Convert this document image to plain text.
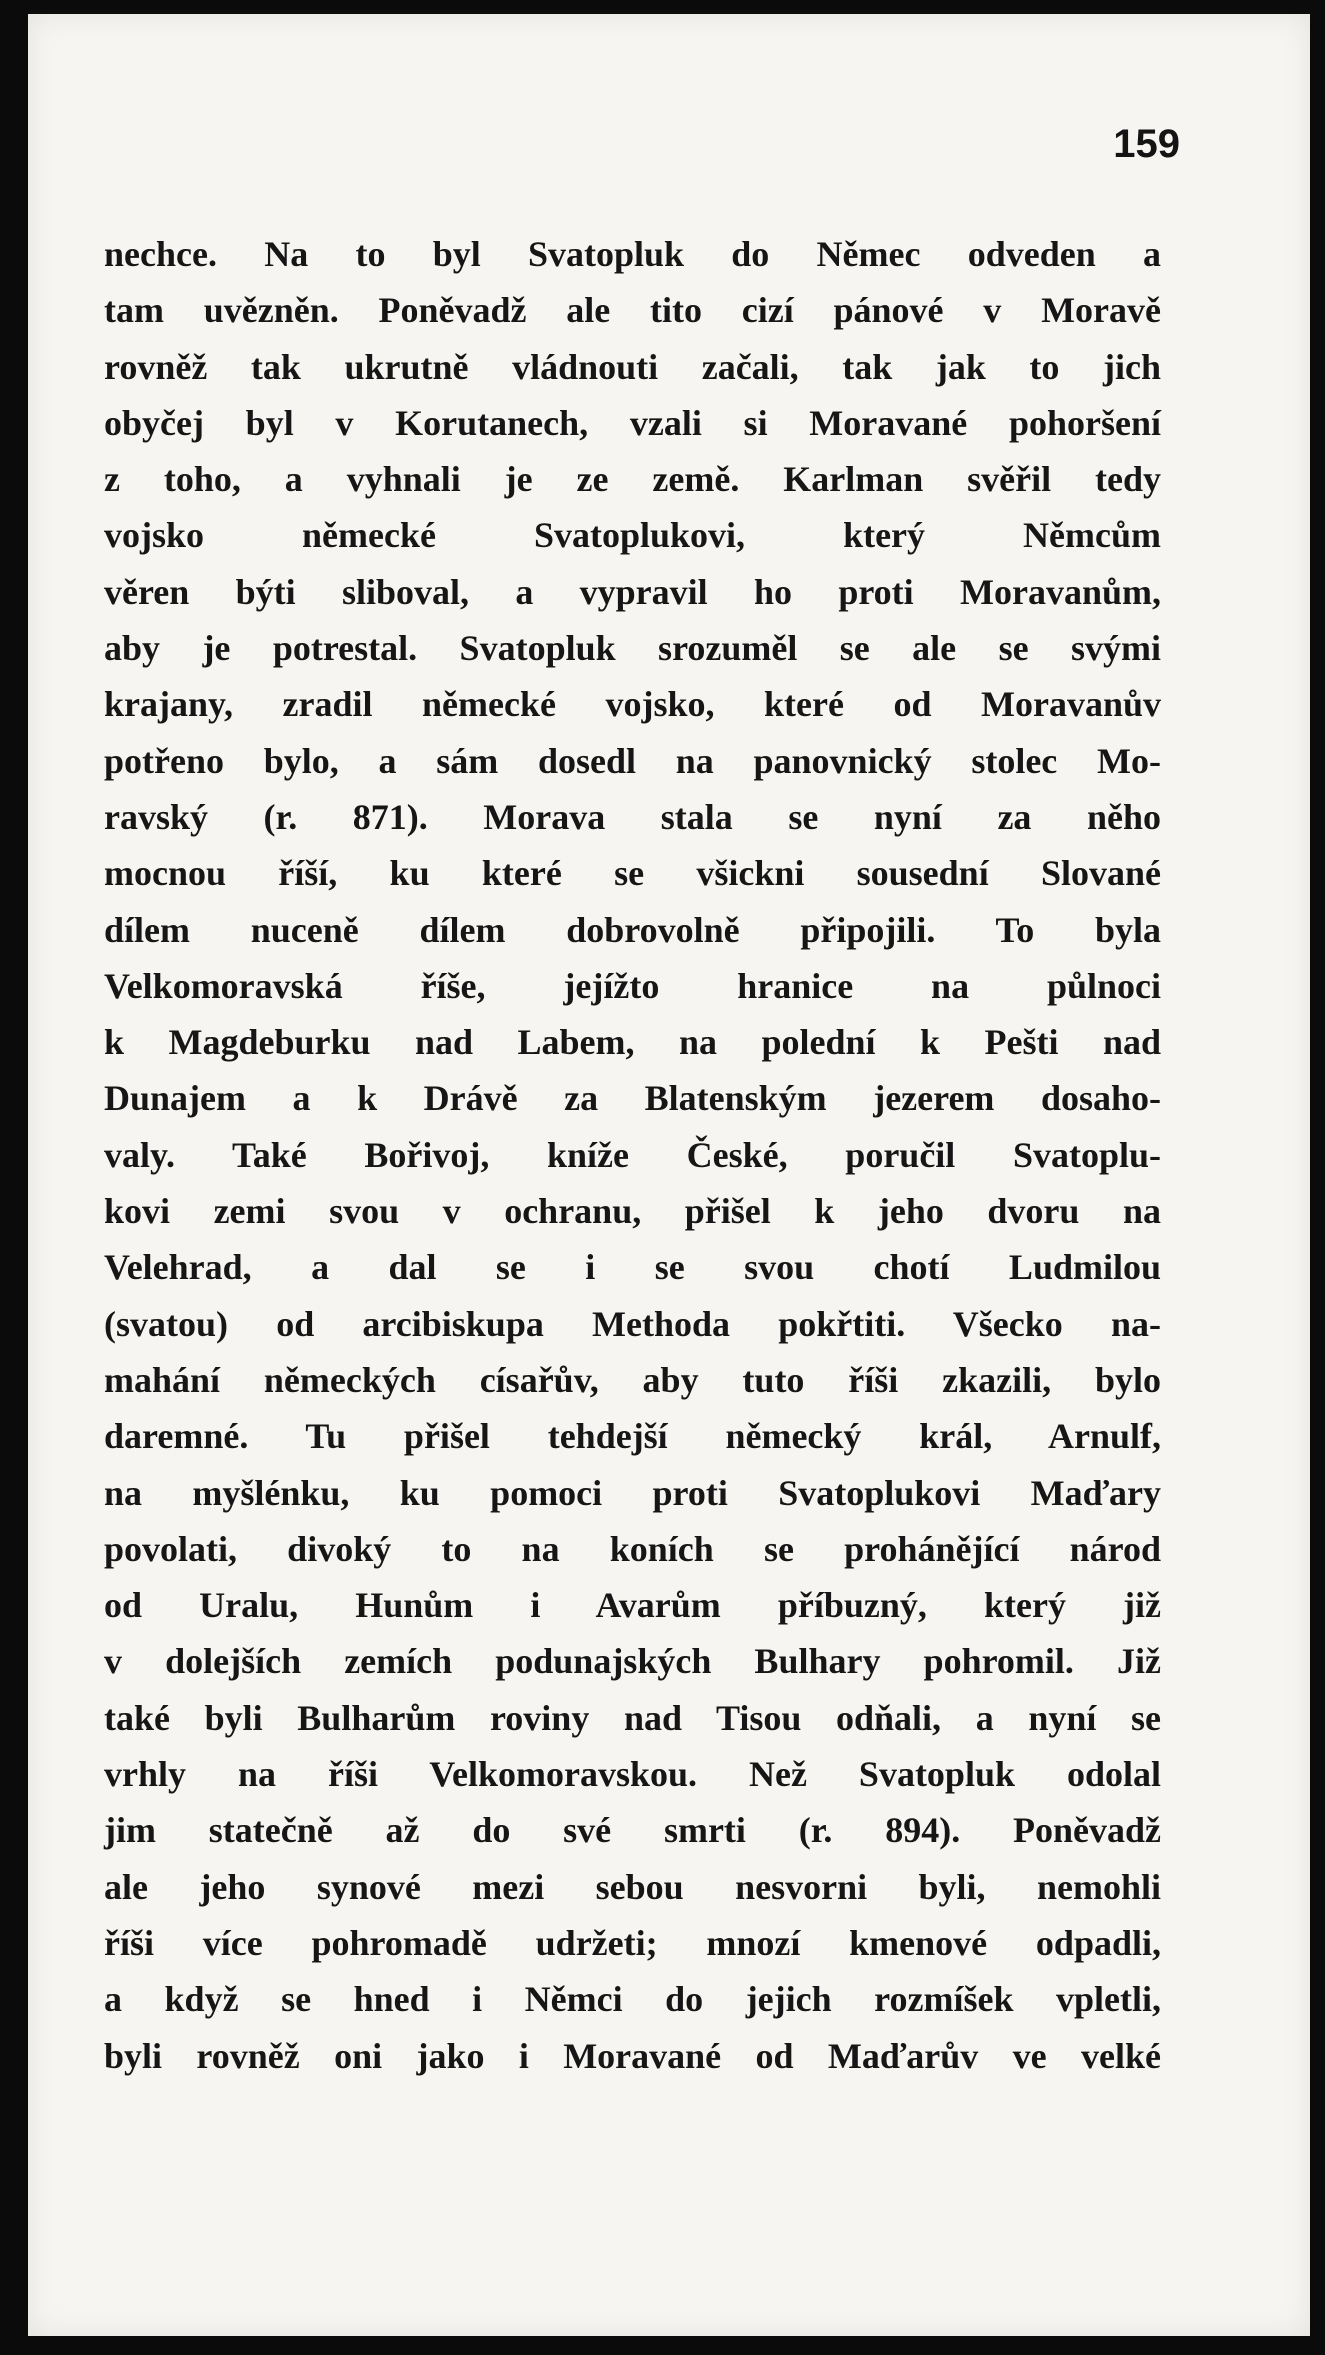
159
nechce. Na to byl Svatopluk do Němec odveden a
tam uvězněn. Poněvadž ale tito cizí pánové v Moravě
rovněž tak ukrutně vládnouti začali, tak jak to jich
obyčej byl v Korutanech, vzali si Moravané pohoršení
z toho, a vyhnali je ze země. Karlman svěřil tedy
vojsko německé Svatoplukovi, který Němcům
věren býti sliboval, a vypravil ho proti Moravanům,
aby je potrestal. Svatopluk srozuměl se ale se svými
krajany, zradil německé vojsko, které od Moravanův
potřeno bylo, a sám dosedl na panovnický stolec Mo-
ravský (r. 871). Morava stala se nyní za něho
mocnou říší, ku které se všickni sousední Slované
dílem nuceně dílem dobrovolně připojili. To byla
Velkomoravská říše, jejížto hranice na půlnoci
k Magdeburku nad Labem, na polední k Pešti nad
Dunajem a k Drávě za Blatenským jezerem dosaho-
valy. Také Bořivoj, kníže České, poručil Svatoplu-
kovi zemi svou v ochranu, přišel k jeho dvoru na
Velehrad, a dal se i se svou chotí Ludmilou
(svatou) od arcibiskupa Methoda pokřtiti. Všecko na-
mahání německých císařův, aby tuto říši zkazili, bylo
daremné. Tu přišel tehdejší německý král, Arnulf,
na myšlénku, ku pomoci proti Svatoplukovi Maďary
povolati, divoký to na koních se prohánějící národ
od Uralu, Hunům i Avarům příbuzný, který již
v dolejších zemích podunajských Bulhary pohromil. Již
také byli Bulharům roviny nad Tisou odňali, a nyní se
vrhly na říši Velkomoravskou. Než Svatopluk odolal
jim statečně až do své smrti (r. 894). Poněvadž
ale jeho synové mezi sebou nesvorni byli, nemohli
říši více pohromadě udržeti; mnozí kmenové odpadli,
a když se hned i Němci do jejich rozmíšek vpletli,
byli rovněž oni jako i Moravané od Maďarův ve velké
